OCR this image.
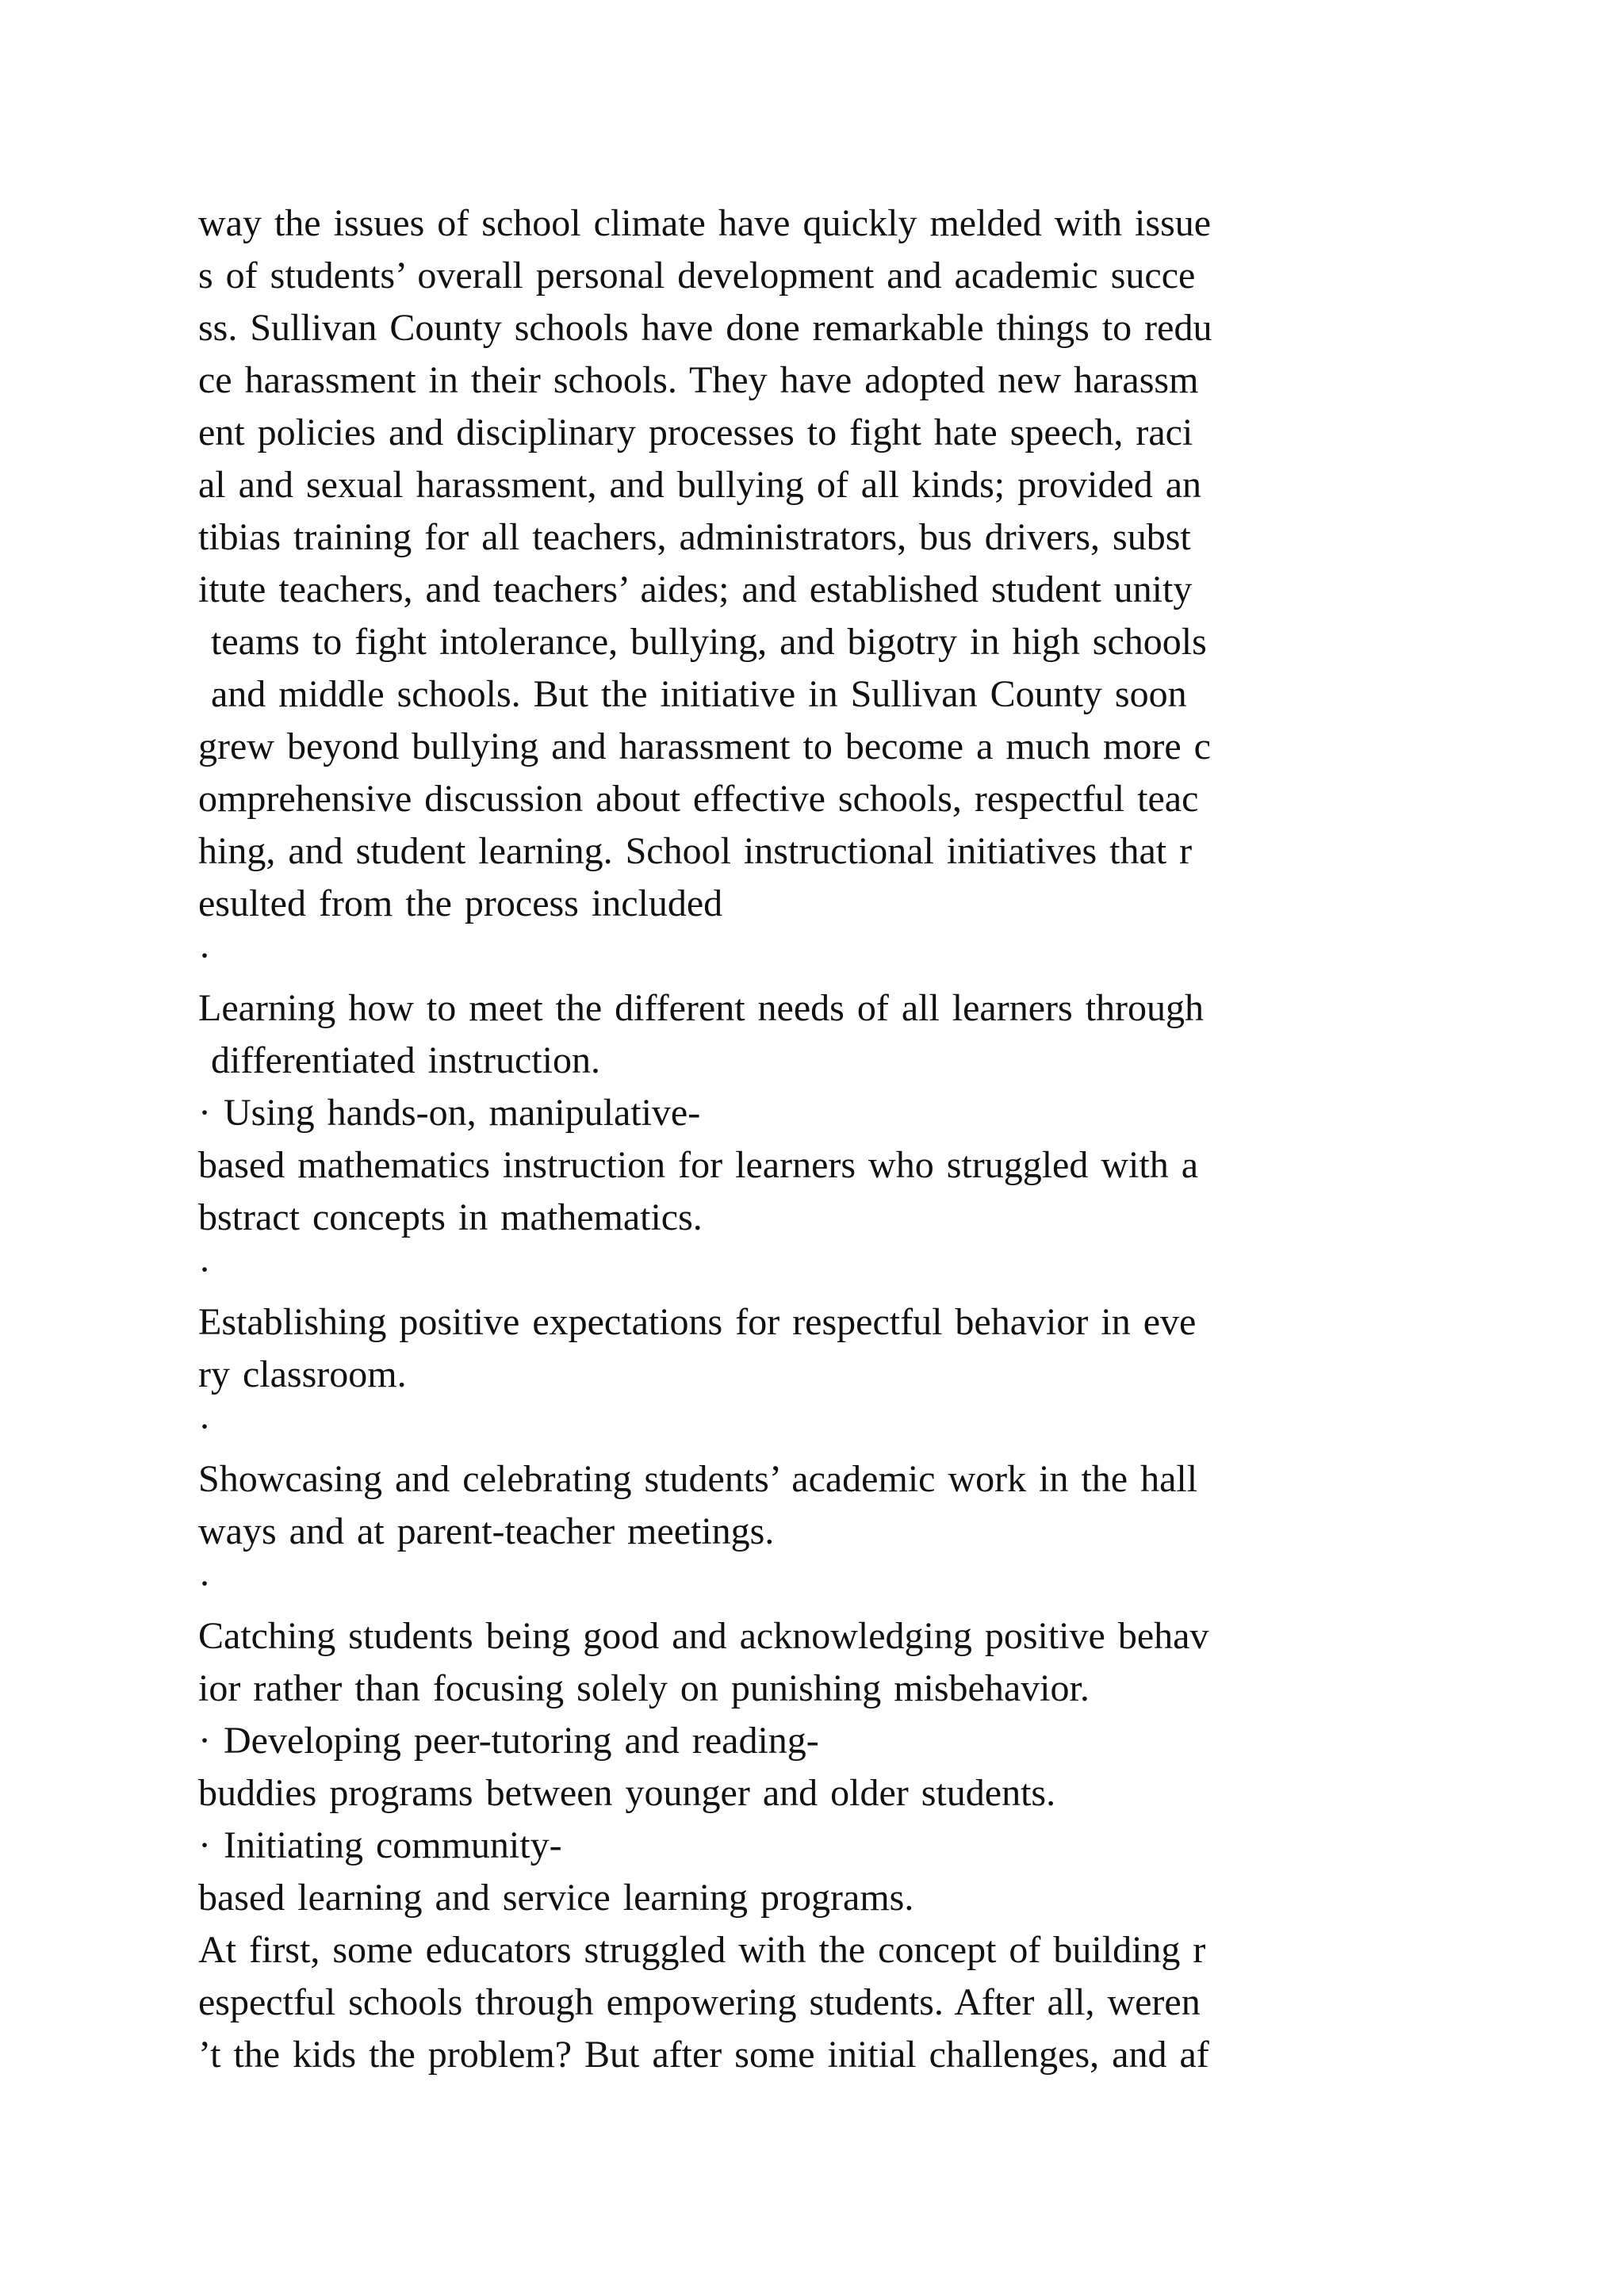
way the issues of school climate have quickly melded with issue
s of students’ overall personal development and academic succe
ss. Sullivan County schools have done remarkable things to redu
ce harassment in their schools. They have adopted new harassm
ent policies and disciplinary processes to fight hate speech, raci
al and sexual harassment, and bullying of all kinds; provided an
tibias training for all teachers, administrators, bus drivers, subst
itute teachers, and teachers’ aides; and established student unity
teams to fight intolerance, bullying, and bigotry in high schools
and middle schools. But the initiative in Sullivan County soon
grew beyond bullying and harassment to become a much more c
omprehensive discussion about effective schools, respectful teac
hing, and student learning. School instructional initiatives that r
esulted from the process included
·
Learning how to meet the different needs of all learners through
differentiated instruction.
· Using hands-on, manipulative-
based mathematics instruction for learners who struggled with a
bstract concepts in mathematics.
·
Establishing positive expectations for respectful behavior in eve
ry classroom.
·
Showcasing and celebrating students’ academic work in the hall
ways and at parent-teacher meetings.
·
Catching students being good and acknowledging positive behav
ior rather than focusing solely on punishing misbehavior.
· Developing peer-tutoring and reading-
buddies programs between younger and older students.
· Initiating community-
based learning and service learning programs.
At first, some educators struggled with the concept of building r
espectful schools through empowering students. After all, weren
’t the kids the problem? But after some initial challenges, and af
